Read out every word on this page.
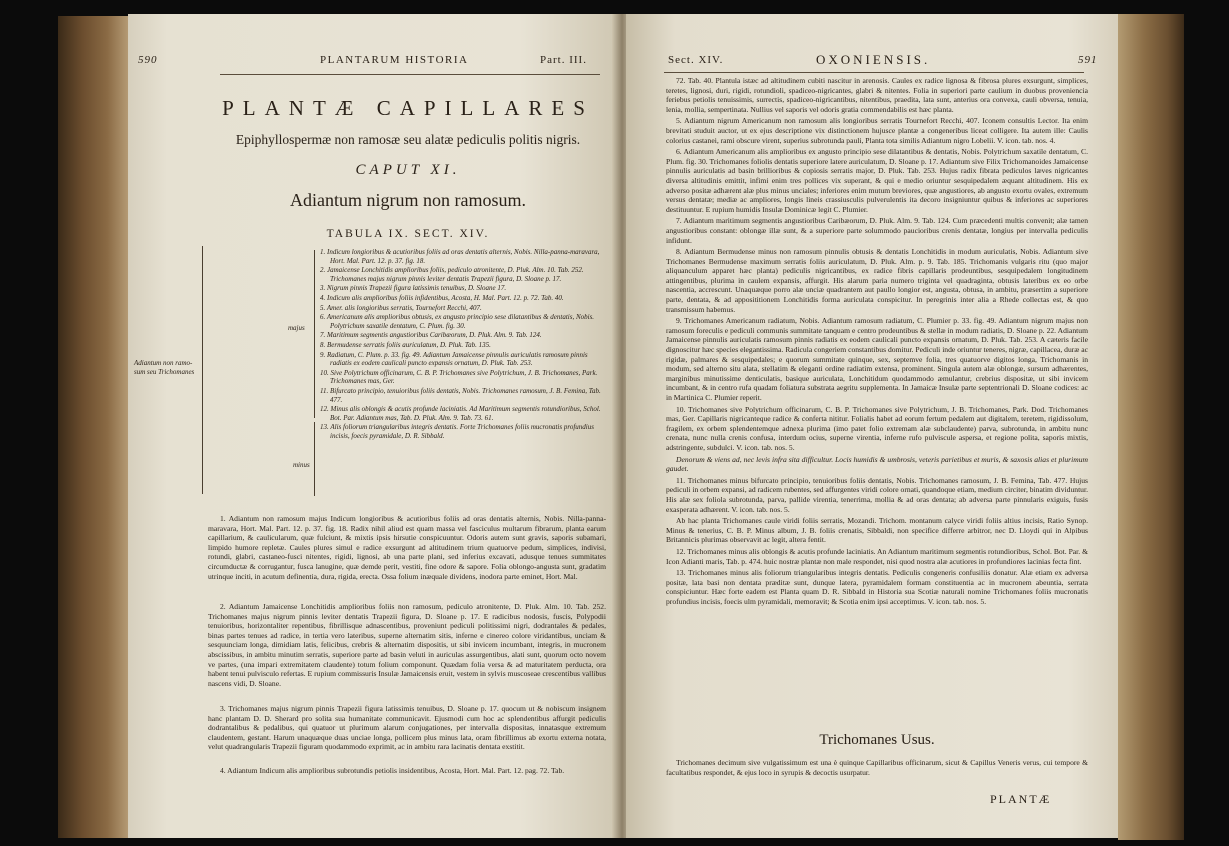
590	PLANTARUM HISTORIA	Part. III.
PLANTÆ CAPILLARES
Epiphyllospermæ non ramosæ seu alatæ pediculis politis nigris.
CAPUT XI.
Adiantum nigrum non ramosum.
TABULA IX. SECT. XIV.
Adiantum non ramo-sum seu Trichomanes
majus
minus

1. Indicum longioribus & acutioribus foliis ad oras dentatis alternis, Nobis. Nilla-panna-maravara, Hort. Mal. Part. 12. p. 37. fig. 18.

2. Jamaicense Lonchitidis amplioribus foliis, pediculo atronitente, D. Pluk. Alm. 10. Tab. 252. Trichomanes majus nigrum pinnis leviter dentatis Trapezii figura, D. Sloane p. 17.

3. Nigrum pinnis Trapezii figura latissimis tenuibus, D. Sloane 17.

4. Indicum alis amplioribus foliis infidentibus, Acosta, H. Mal. Part. 12. p. 72. Tab. 40.

5. Amer. alis longioribus serratis, Tournefort Recchi, 407.

6. Americanum alis amplioribus obtusis, ex angusto principio sese dilatantibus & dentatis, Nobis. Polytrichum saxatile dentatum, C. Plum. fig. 30.

7. Maritimum segmentis angustioribus Caribæorum, D. Pluk. Alm. 9. Tab. 124.

8. Bermudense serratis foliis auriculatum, D. Pluk. Tab. 135.

9. Radiatum, C. Plum. p. 33. fig. 49. Adiantum Jamaicense pinnulis auriculatis ramosum pinnis radiatis ex eodem caulicali puncto expansis ornatum, D. Pluk. Tab. 253.

10. Sive Polytrichum officinarum, C. B. P. Trichomanes sive Polytrichum, J. B. Trichomanes, Park. Trichomanes mas, Ger.

11. Bifurcato principio, tenuioribus foliis dentatis, Nobis. Trichomanes ramosum, J. B. Femina, Tab. 477.

12. Minus alis oblongis & acutis profunde laciniatis. Ad Maritimum segmentis rotundioribus, Schol. Bot. Par. Adiantum mas, Tab. D. Pluk. Alm. 9. Tab. 73. 61.

13. Alis foliorum triangularibus integris dentatis. Forte Trichomanes foliis mucronatis profundius incisis, foecis pyramidale, D. R. Sibbald.

1. Adiantum non ramosum majus Indicum longioribus & acutioribus foliis ad oras dentatis alternis, Nobis. Nilla-panna-maravara, Hort. Mal. Part. 12. p. 37. fig. 18. Radix nihil aliud est quam massa vel fasciculus multarum fibrarum, planta earum capillarium, & caulicularum, quæ fulciunt, & mixtis ipsis hirsutie conspicuuntur. Odoris autem sunt gravis, saporis subamari, limpido humore repletæ. Caules plures simul e radice exsurgunt ad altitudinem trium quatuorve pedum, simplices, indivisi, rotundi, glabri, castaneo-fusci nitentes, rigidi, lignosi, ab una parte plani, sed inferius excavati, adusque tenues summitates circumductæ & corrugantur, fusca lanugine, quæ demde perit, vestiti, fine odore & sapore. Folia oblongo-angusta sunt, gradatim utrinque inciti, in acutum definentia, dura, rigida, erecta. Ossa folium inæquale dividens, inodora parte eminet, Hort. Mal.
2. Adiantum Jamaicense Lonchitidis amplioribus foliis non ramosum, pediculo atronitente, D. Pluk. Alm. 10. Tab. 252. Trichomanes majus nigrum pinnis leviter dentatis Trapezii figura, D. Sloane p. 17. E radicibus nodosis, fuscis, Polypodii tenuioribus, horizontaliter repentibus, fibrillisque adnascentibus, proveniunt pediculi politissimi nigri, dodrantales & pedales, binas partes tenues ad radice, in tertia vero lateribus, superne alternatim sitis, inferne e cinereo colore viridantibus, unciam & sesquunciam longa, dimidiam latis, felicibus, crebris & alternatim dispositis, ut sibi invicem incumbant, integris, in mucronem abscissibus, in ambitu minutim serratis, superiore parte ad basin veluti in auriculas assurgentibus, alati sunt, quorum octo novem ve partes, (una impari extremitatem claudente) totum folium componunt. Quædam folia versa & ad maturitatem perducta, ora habent tenui pulvisculo refertas. E rupium commissuris Insulæ Jamaicensis eruit, vestem in sylvis muscoseae crescentibus vallibus nascens vidi, D. Sloane.
3. Trichomanes majus nigrum pinnis Trapezii figura latissimis tenuibus, D. Sloane p. 17. quocum ut & nobiscum insignem hanc plantam D. D. Sherard pro solita sua humanitate communicavit. Ejusmodi cum hoc ac splendentibus affurgit pediculis dodrantalibus & pedalibus, qui quatuor ut plurimum alarum conjugationes, per intervalla dispositas, innatasque extremum claudentem, gestant. Harum unaquæque duas unciae longa, pollicem plus minus lata, oram fibrillimus ab exortu externa notata, velut quadrangularis Trapezii figuram quodammodo exprimit, ac in ambitu rara lacinatis dentata exstitit.
4. Adiantum Indicum alis amplioribus subrotundis petiolis insidentibus, Acosta, Hort. Mal. Part. 12. pag. 72. Tab.
Sect. XIV.	OXONIENSIS.	591
72. Tab. 40. Plantula istæc ad altitudinem cubiti nascitur in arenosis. Caules ex radice lignosa & fibrosa plures exsurgunt, simplices, teretes, lignosi, duri, rigidi, rotundioli, spadiceo-nigricantes, glabri & nitentes. Folia in superiori parte caulium in duobus proveniencia feriebus petiolis tenuissimis, surrectis, spadiceo-nigricantibus, nitentibus, praedita, lata sunt, anterius ora convexa, cauli obversa, tenuia, lenia, mollia, sempertinata. Nullius vel saporis vel odoris gratia commendabilis est hæc planta.
5. Adiantum nigrum Americanum non ramosum alis longioribus serratis Tournefort Recchi, 407. Iconem consultis Lector. Ita enim brevitati studuit auctor, ut ex ejus descriptione vix distinctionem hujusce plantæ a congeneribus liceat colligere. Ita autem ille: Caulis colorius castanei, rami obscure virent, superius subrotunda pauli, Planta tota similis Adiantum nigro Lobelii. V. icon. tab. nos. 4.
6. Adiantum Americanum alis amplioribus ex angusto principio sese dilatantibus & dentatis, Nobis. Polytrichum saxatile dentatum, C. Plum. fig. 30. Trichomanes foliolis dentatis superiore latere auriculatum, D. Sloane p. 17. Adiantum sive Filix Trichomanoides Jamaicense pinnulis auriculatis ad basin brillioribus & copiosis serratis major, D. Pluk. Tab. 253. Hujus radix fibrata pediculos læves nigricantes diversa altitudinis emittit, infimi enim tres pollices vix superant, & qui e medio oriuntur sesquipedalem æquant altitudinem. His ex adverso positæ adhærent alæ plus minus unciales; inferiores enim mutum breviores, quæ angustiores, ab angusto exortu ovales, extremum versus dentatæ; mediæ ac ampliores, longis lineis crassiusculis pulverulentis ita decoro insigniuntur quibus & inferiores ac superiores destituuntur. E rupium humidis Insulæ Dominicæ legit C. Plumier.
7. Adiantum maritimum segmentis angustioribus Caribæorum, D. Pluk. Alm. 9. Tab. 124. Cum præcedenti multis convenit; alæ tamen angustioribus constant: oblongæ illæ sunt, & a superiore parte solummodo paucioribus crenis dentatæ, longius per intervalla pediculis infidunt.
8. Adiantum Bermudense minus non ramosum pinnulis obtusis & dentatis Lonchitidis in modum auriculatis, Nobis. Adiantum sive Trichomanes Bermudense maximum serratis foliis auriculatum, D. Pluk. Alm. p. 9. Tab. 185. Trichomanis vulgaris ritu (quo major aliquanculum apparet hæc planta) pediculis nigricantibus, ex radice fibris capillaris prodeuntibus, sesquipedalem longitudinem attingentibus, plurima in caulem expansis, affurgit. His alarum paria numero triginta vel quadraginta, obtusis lateribus ex eo orbe nascentia, accrescunt. Unaquæque porro alæ unciæ quadrantem aut paullo longior est, angusta, obtusa, in ambitu, præsertim a superiore parte, dentata, & ad apposititionem Lonchitidis forma auriculata conspicitur. In peregrinis inter alia a Rhede collectas est, & quo transmissum habemus.
9. Trichomanes Americanum radiatum, Nobis. Adiantum ramosum radiatum, C. Plumier p. 33. fig. 49. Adiantum nigrum majus non ramosum foreculis e pediculi communis summitate tanquam e centro prodeuntibus & stellæ in modum radiatis, D. Sloane p. 22. Adiantum Jamaicense pinnulis auriculatis ramosum pinnis radiatis ex eodem caulicali puncto expansis ornatum, D. Pluk. Tab. 253. A cæteris facile dignoscitur hæc species elegantissima. Radicula congeriem constantibus domitur. Pediculi inde oriuntur teneres, nigræ, capillacea, duræ ac rigidæ, palmares & sesquipedales; e quorum summitate quinque, sex, septemve folia, tres quatuorve digitos longa, Trichomanis in modum, sed alterno situ alata, stellatim & eleganti ordine radiatim extensa, prominent. Singula autem alæ oblongæ, sursum adhærentes, marginibus minutissime denticulatis, basique auriculata, Lonchitidum quodammodo æmulantur, crebrius dispositæ, ut sibi invicem incumbant, & in centro rufa quadam foliatura substrata aegritu supplementa. In Jamaicæ Insulæ parte septentrionali D. Sloane codices: ac in Martinica C. Plumier reperit.
10. Trichomanes sive Polytrichum officinarum, C. B. P. Trichomanes sive Polytrichum, J. B. Trichomanes, Park. Dod. Trichomanes mas, Ger. Capillaris nigricanteque radice & conferta nititur. Folialis habet ad eorum fertum pedalem aut digitalem, teretem, rigidissolum, fragilem, ex orbem splendentemque adnexa plurima (imo patet folio extremam alæ subclaudente) parva, subrotunda, in ambitu nunc crenata, nunc nulla crenis confusa, interdum ocius, superne virentia, inferne rufo pulviscule aspersa, et regione polita, saporis mixtis, adstringente, subdulci. V. icon. tab. nos. 5.
Denorum & viens ad, nec levis infra sita difficultur. Locis humidis & umbrosis, veteris parietibus et muris, & saxosis alias et plurimum gaudet.
11. Trichomanes minus bifurcato principio, tenuioribus foliis dentatis, Nobis. Trichomanes ramosum, J. B. Femina, Tab. 477. Hujus pediculi in orbem expansi, ad radicem rubentes, sed affurgentes viridi colore ornati, quandoque etiam, medium circiter, binatim dividuntur. His alæ sex foliola subrotunda, parva, pallide virentia, tenerrima, mollia & ad oras dentata; ab adversa parte pinnularis exiguis, fusis exasperata adhærent. V. icon. tab. nos. 5.
Ab hac planta Trichomanes caule viridi foliis serratis, Mozandi. Trichom. montanum calyce viridi foliis altius incisis, Ratio Synop. Minus & tenerius, C. B. P. Minus album, J. B. foliis crenatis, Sibbaldi, non specifice differre arbitror, nec D. Lloydi qui in Alpibus Britannicis plurimas observavit ac legit, altera fentit.
12. Trichomanes minus alis oblongis & acutis profunde laciniatis. An Adiantum maritimum segmentis rotundioribus, Schol. Bot. Par. & Icon Adianti maris, Tab. p. 474. huic nostræ plantæ non male respondet, nisi quod nostra alæ acutiores in profundiores lacinias fecta fint.
13. Trichomanes minus alis foliorum triangularibus integris dentatis. Pediculis congeneris confusiliis donatur. Alæ etiam ex adversa positæ, lata basi non dentata præditæ sunt, dunque latera, pyramidalem formam constituentia ac in mucronem abeuntia, serrata conspiciuntur. Hæc forte eadem est Planta quam D. R. Sibbald in Historia sua Scotiæ naturali nomine Trichomanes foliis mucronatis profundius incisis, foecis ulm pyramidali, memoravit; & Scotia enim ipsi acceptimus. V. icon. tab. nos. 5.
Trichomanes Usus.
Trichomanes decimum sive vulgatissimum est una è quinque Capillaribus officinarum, sicut & Capillus Veneris verus, cui tempore & facultatibus respondet, & ejus loco in syrupis & decoctis usurpatur.
PLANTÆ
